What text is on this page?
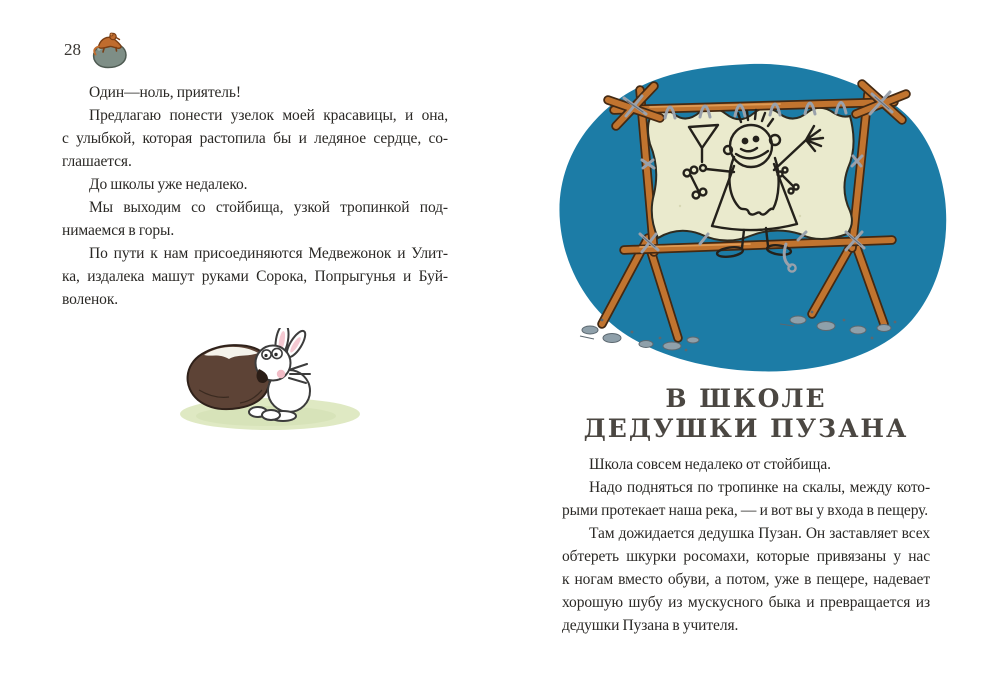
28
Один—ноль, приятель!
Предлагаю понести узелок моей красавицы, и она,
с улыбкой, которая растопила бы и ледяное сердце, со-
глашается.
До школы уже недалеко.
Мы выходим со стойбища, узкой тропинкой под-
нимаемся в горы.
По пути к нам присоединяются Медвежонок и Улит-
ка, издалека машут руками Сорока, Попрыгунья и Буй-
воленок.
В ШКОЛЕ
ДЕДУШКИ ПУЗАНА
Школа совсем недалеко от стойбища.
Надо подняться по тропинке на скалы, между кото-
рыми протекает наша река, — и вот вы у входа в пещеру.
Там дожидается дедушка Пузан. Он заставляет всех
обтереть шкурки росомахи, которые привязаны у нас
к ногам вместо обуви, а потом, уже в пещере, надевает
хорошую шубу из мускусного быка и превращается из
дедушки Пузана в учителя.
